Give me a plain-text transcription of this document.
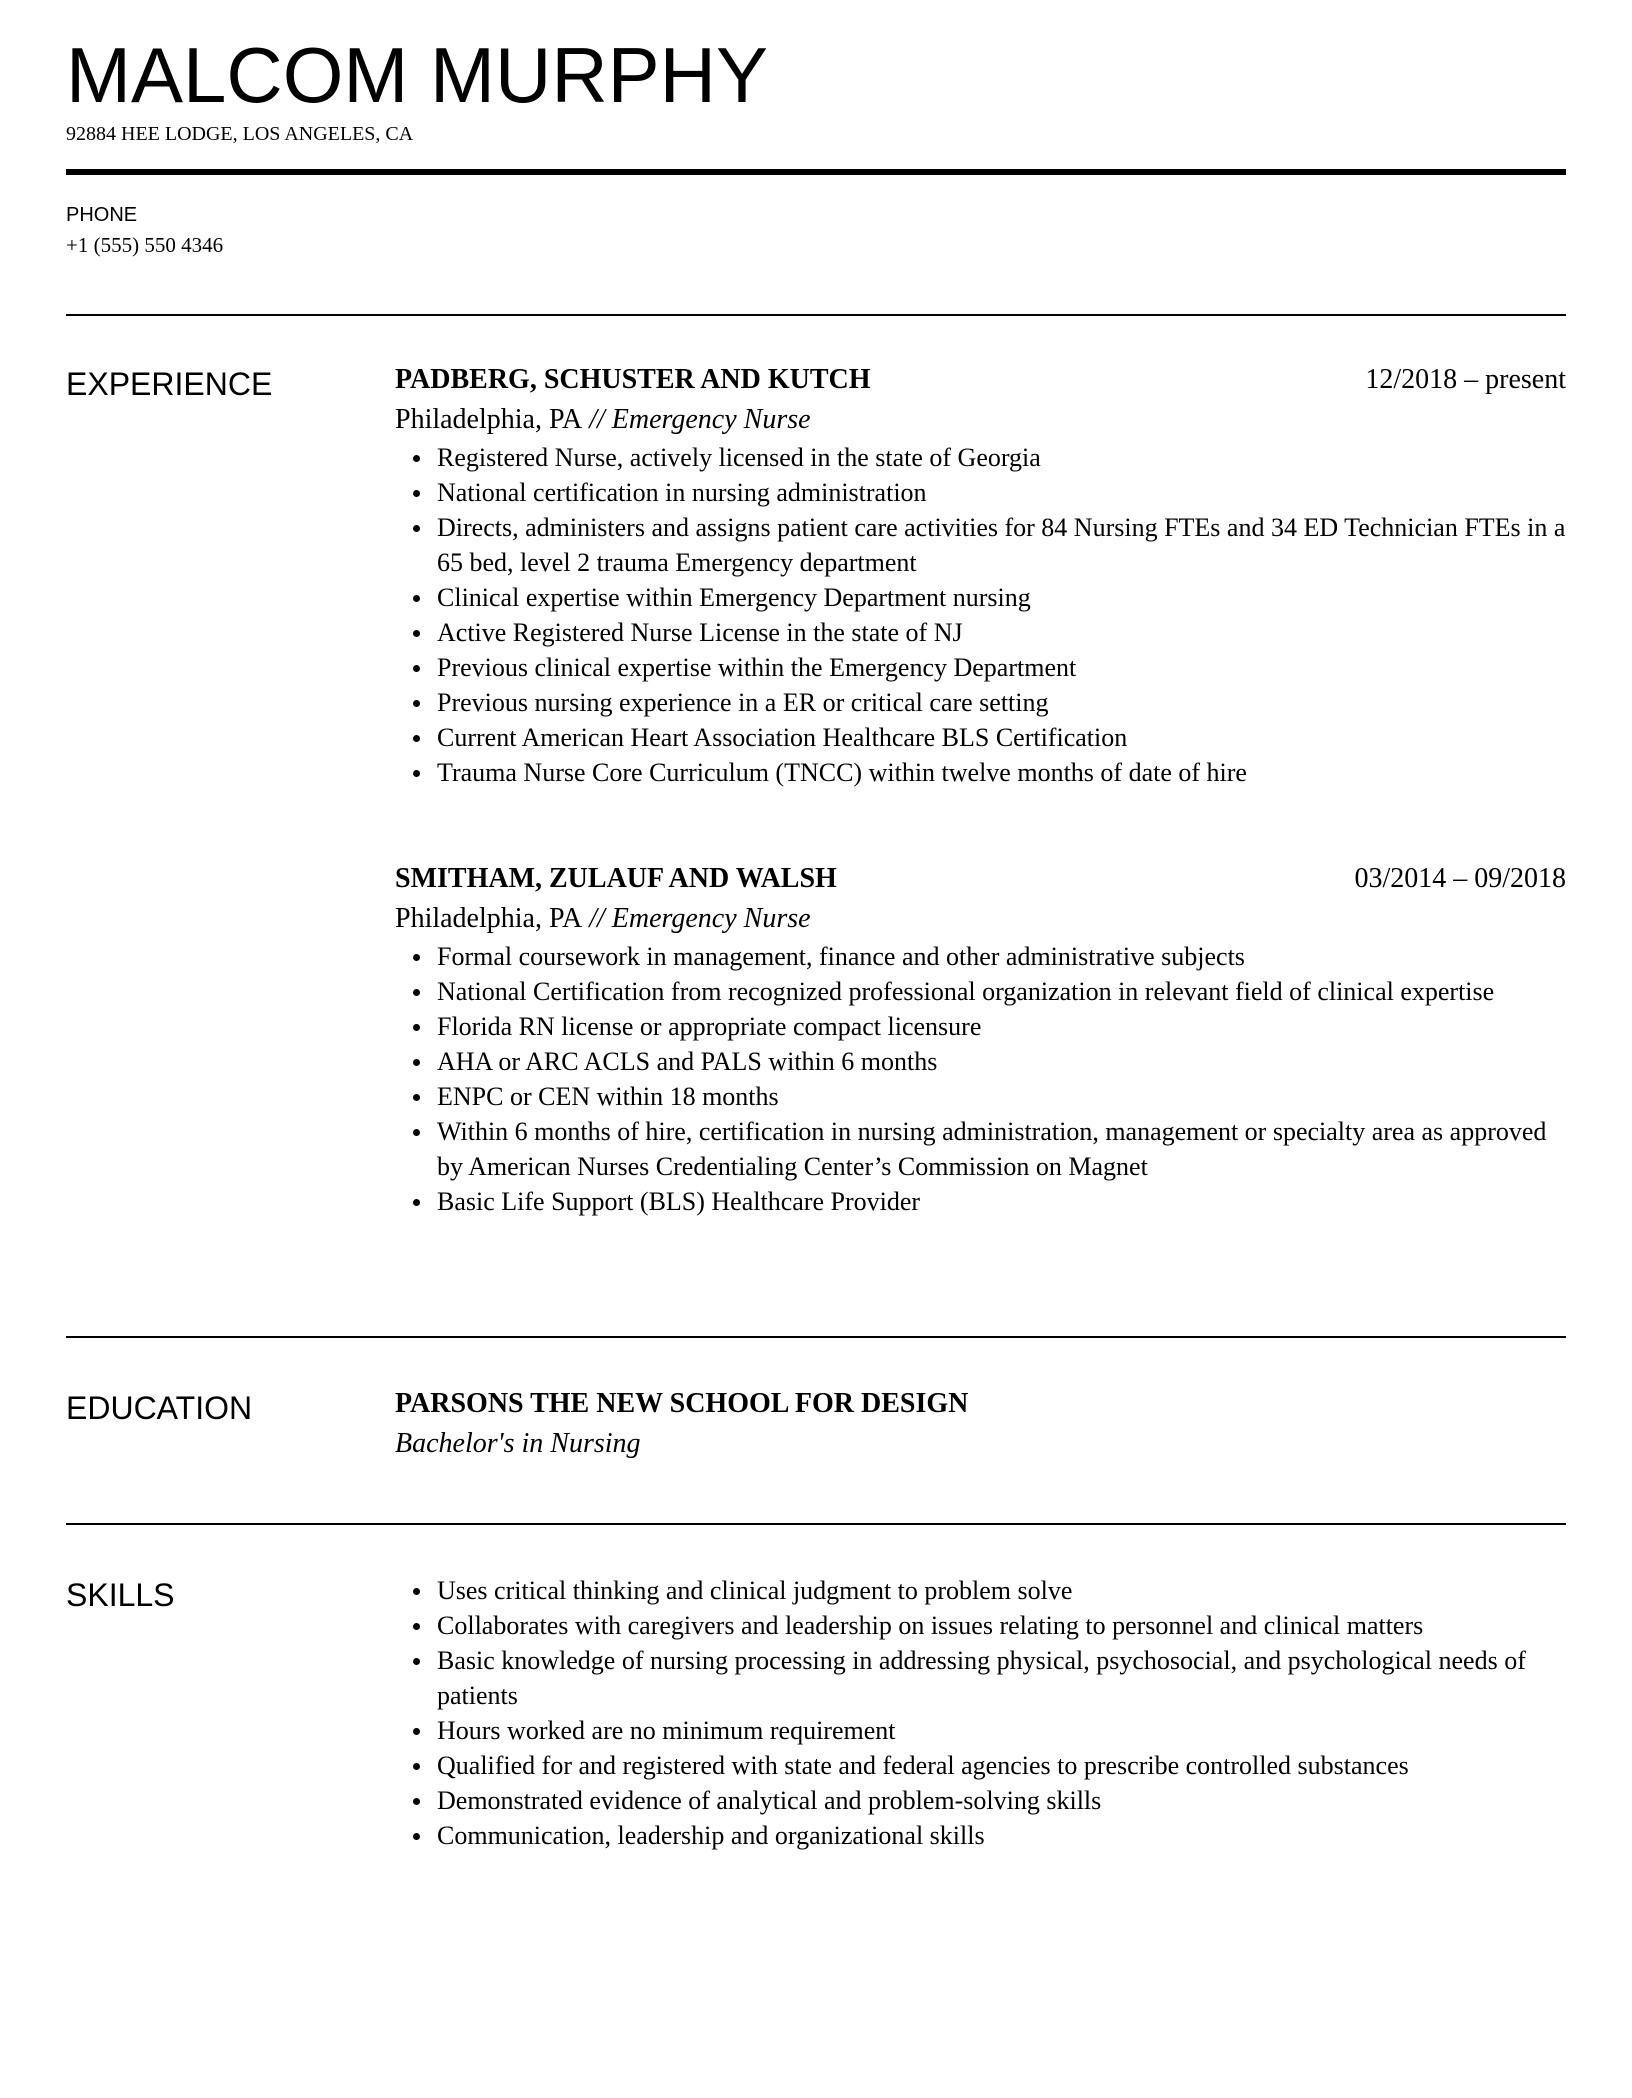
MALCOM MURPHY
92884 HEE LODGE, LOS ANGELES, CA
PHONE
+1 (555) 550 4346
EXPERIENCE	PADBERG, SCHUSTER AND KUTCH	12/2018 – present
Philadelphia, PA // Emergency Nurse
Registered Nurse, actively licensed in the state of Georgia
National certification in nursing administration
Directs, administers and assigns patient care activities for 84 Nursing FTEs and 34 ED Technician FTEs in a 65 bed, level 2 trauma Emergency department
Clinical expertise within Emergency Department nursing
Active Registered Nurse License in the state of NJ
Previous clinical expertise within the Emergency Department
Previous nursing experience in a ER or critical care setting
Current American Heart Association Healthcare BLS Certification
Trauma Nurse Core Curriculum (TNCC) within twelve months of date of hire
SMITHAM, ZULAUF AND WALSH	03/2014 – 09/2018
Philadelphia, PA // Emergency Nurse
Formal coursework in management, finance and other administrative subjects
National Certification from recognized professional organization in relevant field of clinical expertise
Florida RN license or appropriate compact licensure
AHA or ARC ACLS and PALS within 6 months
ENPC or CEN within 18 months
Within 6 months of hire, certification in nursing administration, management or specialty area as approved by American Nurses Credentialing Center’s Commission on Magnet
Basic Life Support (BLS) Healthcare Provider
EDUCATION	PARSONS THE NEW SCHOOL FOR DESIGN
Bachelor's in Nursing
SKILLS	Uses critical thinking and clinical judgment to problem solve
Collaborates with caregivers and leadership on issues relating to personnel and clinical matters
Basic knowledge of nursing processing in addressing physical, psychosocial, and psychological needs of patients
Hours worked are no minimum requirement
Qualified for and registered with state and federal agencies to prescribe controlled substances
Demonstrated evidence of analytical and problem-solving skills
Communication, leadership and organizational skills
